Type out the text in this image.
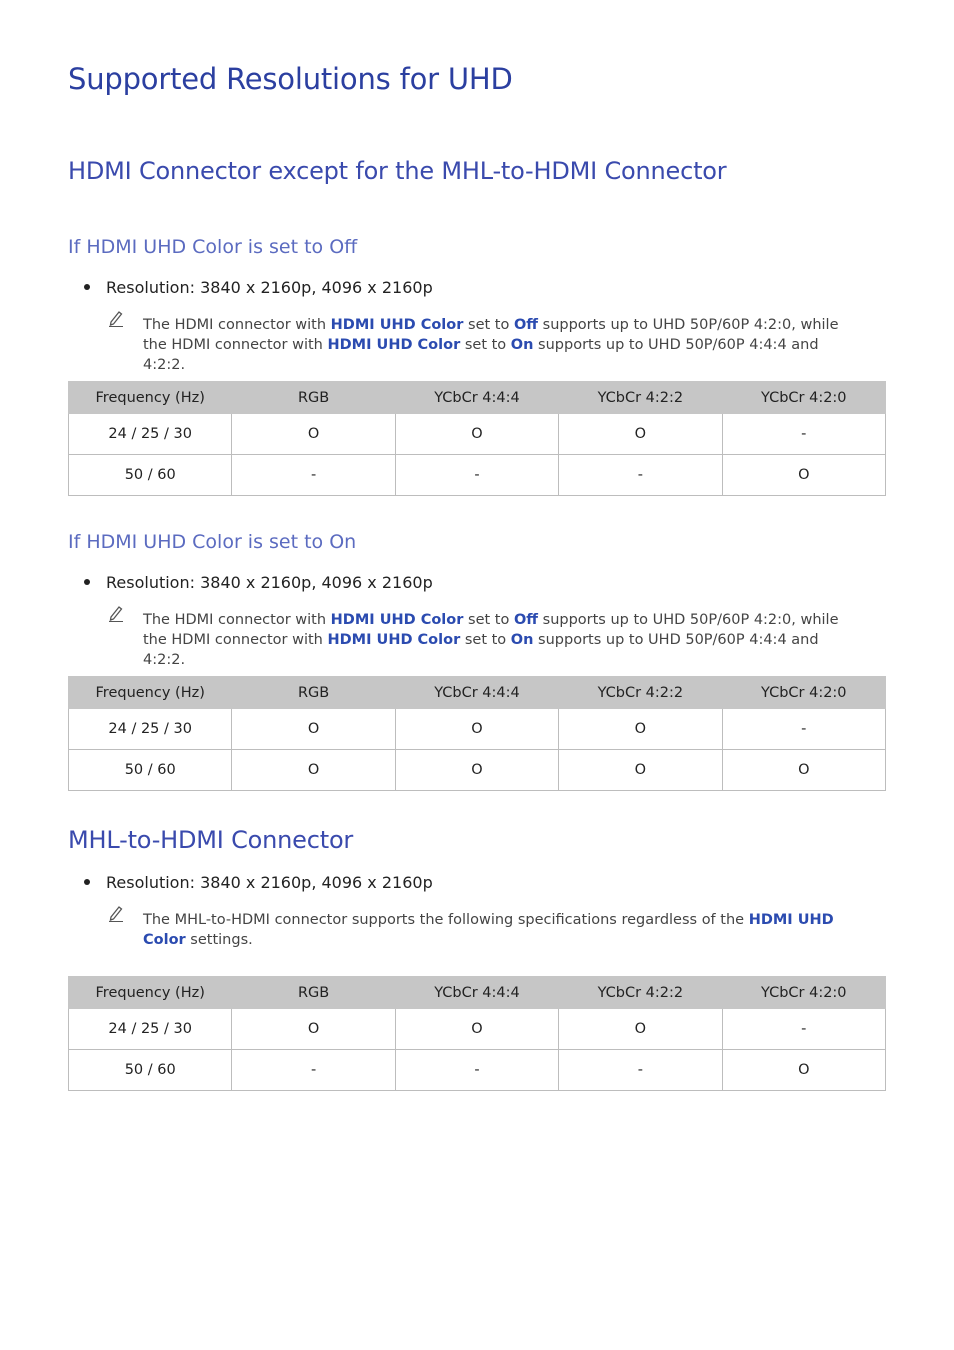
Supported Resolutions for UHD
HDMI Connector except for the MHL-to-HDMI Connector
If HDMI UHD Color is set to Off
Resolution: 3840 x 2160p, 4096 x 2160p
The HDMI connector with HDMI UHD Color set to Off supports up to UHD 50P/60P 4:2:0, while the HDMI connector with HDMI UHD Color set to On supports up to UHD 50P/60P 4:4:4 and 4:2:2.
Frequency (Hz)	RGB	YCbCr 4:4:4	YCbCr 4:2:2	YCbCr 4:2:0
24 / 25 / 30	O	O	O	-
50 / 60	-	-	-	O
If HDMI UHD Color is set to On
Resolution: 3840 x 2160p, 4096 x 2160p
The HDMI connector with HDMI UHD Color set to Off supports up to UHD 50P/60P 4:2:0, while the HDMI connector with HDMI UHD Color set to On supports up to UHD 50P/60P 4:4:4 and 4:2:2.
Frequency (Hz)	RGB	YCbCr 4:4:4	YCbCr 4:2:2	YCbCr 4:2:0
24 / 25 / 30	O	O	O	-
50 / 60	O	O	O	O
MHL-to-HDMI Connector
Resolution: 3840 x 2160p, 4096 x 2160p
The MHL-to-HDMI connector supports the following specifications regardless of the HDMI UHD Color settings.
Frequency (Hz)	RGB	YCbCr 4:4:4	YCbCr 4:2:2	YCbCr 4:2:0
24 / 25 / 30	O	O	O	-
50 / 60	-	-	-	O
